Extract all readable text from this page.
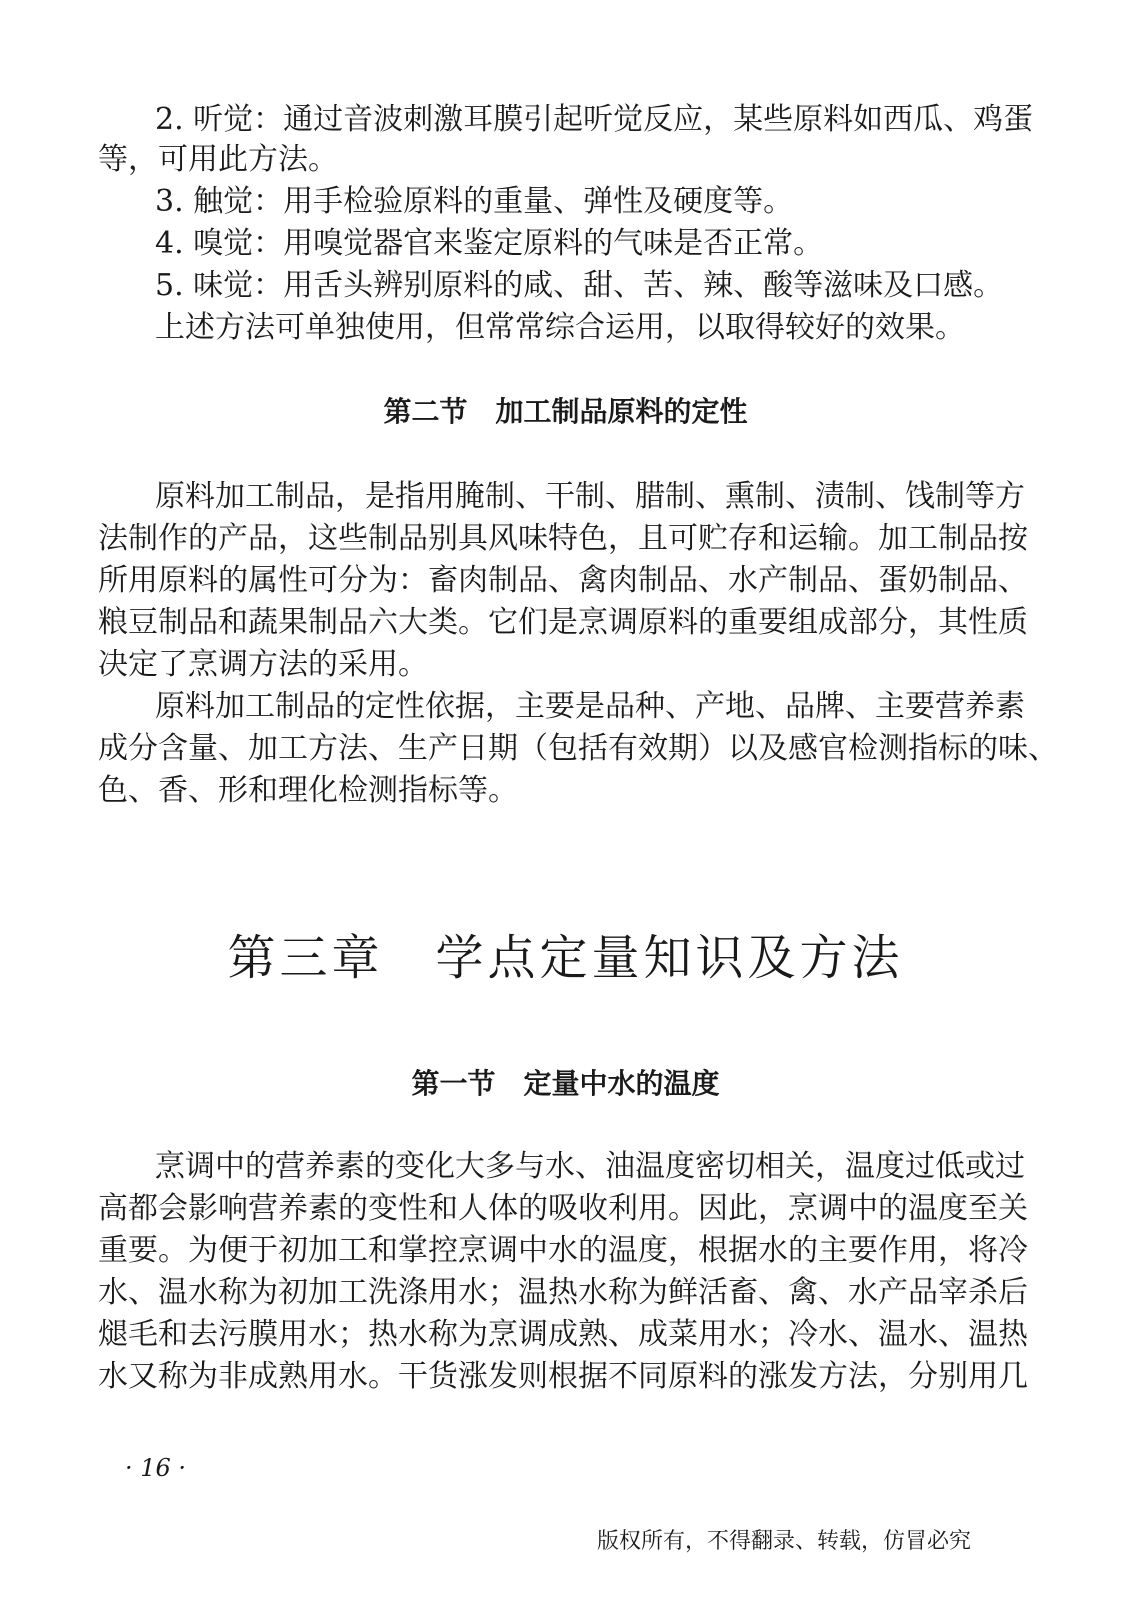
2. 听觉：通过音波刺激耳膜引起听觉反应，某些原料如西瓜、鸡蛋
等，可用此方法。
3. 触觉：用手检验原料的重量、弹性及硬度等。
4. 嗅觉：用嗅觉器官来鉴定原料的气味是否正常。
5. 味觉：用舌头辨别原料的咸、甜、苦、辣、酸等滋味及口感。
上述方法可单独使用，但常常综合运用，以取得较好的效果。
第二节　加工制品原料的定性
原料加工制品，是指用腌制、干制、腊制、熏制、渍制、饯制等方
法制作的产品，这些制品别具风味特色，且可贮存和运输。加工制品按
所用原料的属性可分为：畜肉制品、禽肉制品、水产制品、蛋奶制品、
粮豆制品和蔬果制品六大类。它们是烹调原料的重要组成部分，其性质
决定了烹调方法的采用。
原料加工制品的定性依据，主要是品种、产地、品牌、主要营养素
成分含量、加工方法、生产日期（包括有效期）以及感官检测指标的味、
色、香、形和理化检测指标等。
第三章　学点定量知识及方法
第一节　定量中水的温度
烹调中的营养素的变化大多与水、油温度密切相关，温度过低或过
高都会影响营养素的变性和人体的吸收利用。因此，烹调中的温度至关
重要。为便于初加工和掌控烹调中水的温度，根据水的主要作用，将冷
水、温水称为初加工洗涤用水；温热水称为鲜活畜、禽、水产品宰杀后
煺毛和去污膜用水；热水称为烹调成熟、成菜用水；冷水、温水、温热
水又称为非成熟用水。干货涨发则根据不同原料的涨发方法，分别用几
· 16 ·
版权所有，不得翻录、转载，仿冒必究
